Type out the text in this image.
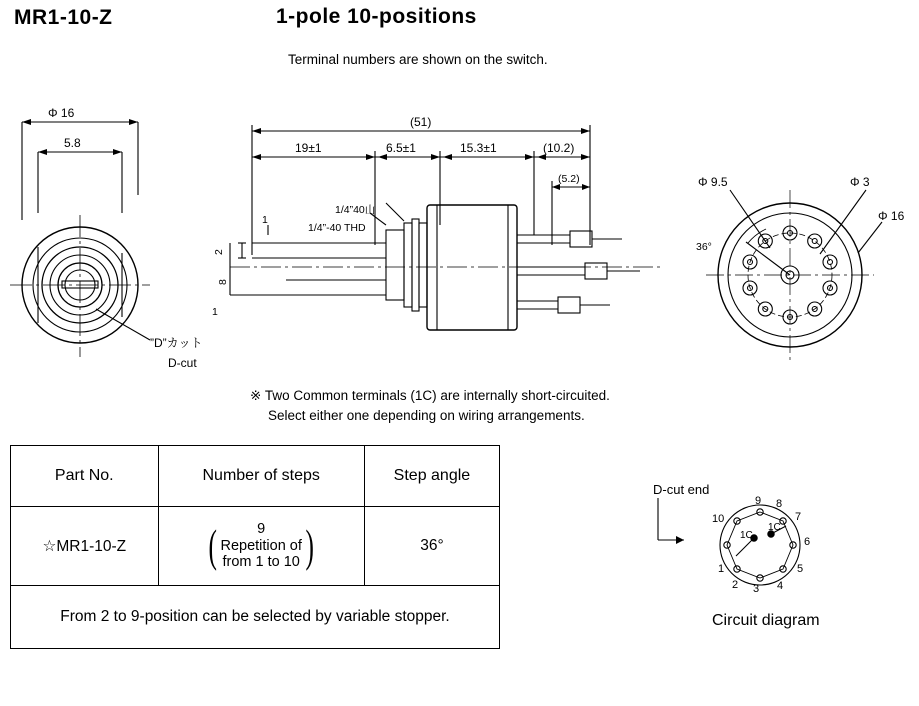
MR1-10-Z	1-pole 10-positions
Terminal numbers are shown on the switch.
Φ 16
5.8
”D”カット
D-cut
(51)
19±1	6.5±1	15.3±1	(10.2)
(5.2)
1/4”40山
1/4”-40 THD
1
2
8
1
Φ 9.5	Φ 3
Φ 16
36°
※ Two Common terminals (1C) are internally short-circuited.
Select either one depending on wiring arrangements.
Part No.	Number of steps	Step angle
☆MR1-10-Z	( 9
Repetition of
from 1 to 10 )	36°
From 2 to 9-position can be selected by variable stopper.		
D-cut end
9 8
7
6
5
4
3
2
1
10
1C
1C
Circuit diagram
